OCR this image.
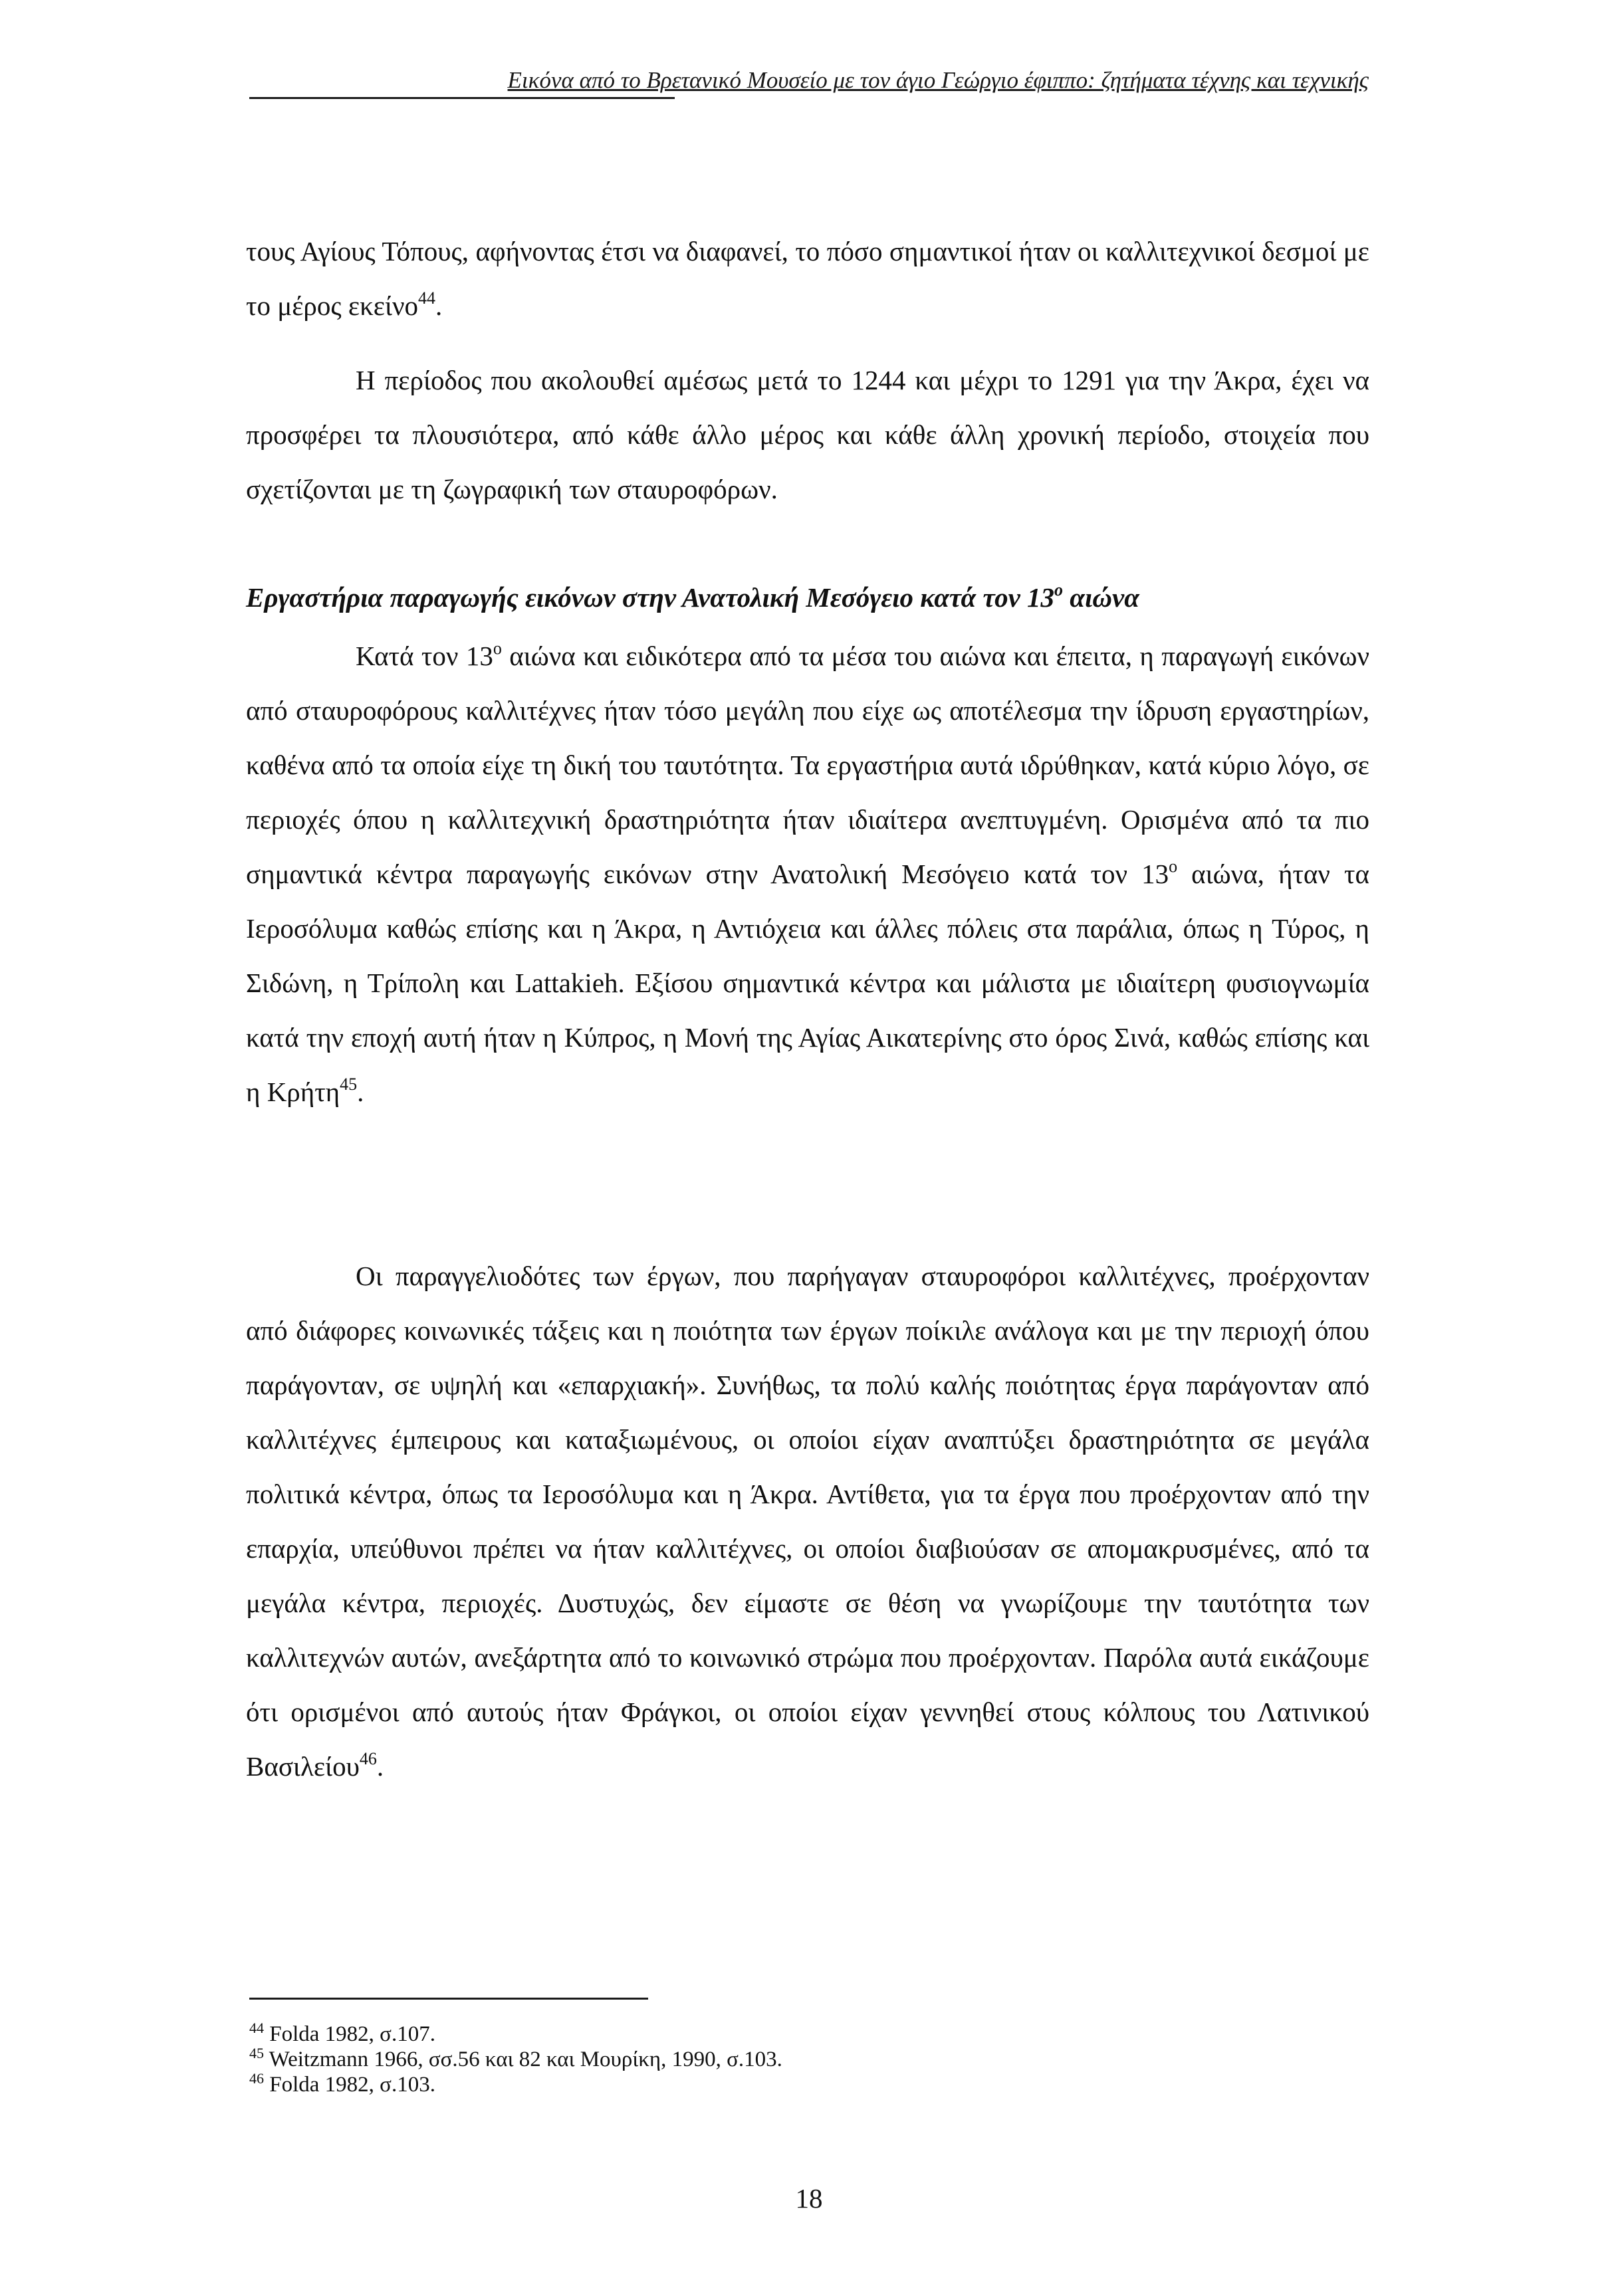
Εικόνα από το Βρετανικό Μουσείο με τον άγιο Γεώργιο έφιππο: ζητήματα τέχνης και τεχνικής

τους Αγίους Τόπους, αφήνοντας έτσι να διαφανεί, το πόσο σημαντικοί ήταν οι καλλιτεχνικοί δεσμοί με το μέρος εκείνο$^{44}$.

Η περίοδος που ακολουθεί αμέσως μετά το 1244 και μέχρι το 1291 για την Άκρα, έχει να προσφέρει τα πλουσιότερα, από κάθε άλλο μέρος και κάθε άλλη χρονική περίοδο, στοιχεία που σχετίζονται με τη ζωγραφική των σταυροφόρων.

Εργαστήρια παραγωγής εικόνων στην Ανατολική Μεσόγειο κατά τον $13^o$ αιώνα

Κατά τον $13^o$ αιώνα και ειδικότερα από τα μέσα του αιώνα και έπειτα, η παραγωγή εικόνων από σταυροφόρους καλλιτέχνες ήταν τόσο μεγάλη που είχε ως αποτέλεσμα την ίδρυση εργαστηρίων, καθένα από τα οποία είχε τη δική του ταυτότητα. Τα εργαστήρια αυτά ιδρύθηκαν, κατά κύριο λόγο, σε περιοχές όπου η καλλιτεχνική δραστηριότητα ήταν ιδιαίτερα ανεπτυγμένη. Ορισμένα από τα πιο σημαντικά κέντρα παραγωγής εικόνων στην Ανατολική Μεσόγειο κατά τον $13^o$ αιώνα, ήταν τα Ιεροσόλυμα καθώς επίσης και η Άκρα, η Αντιόχεια και άλλες πόλεις στα παράλια, όπως η Τύρος, η Σιδώνη, η Τρίπολη και Lattakieh. Εξίσου σημαντικά κέντρα και μάλιστα με ιδιαίτερη φυσιογνωμία κατά την εποχή αυτή ήταν η Κύπρος, η Μονή της Αγίας Αικατερίνης στο όρος Σινά, καθώς επίσης και η Κρήτη$^{45}$.

Οι παραγγελιοδότες των έργων, που παρήγαγαν σταυροφόροι καλλιτέχνες, προέρχονταν από διάφορες κοινωνικές τάξεις και η ποιότητα των έργων ποίκιλε ανάλογα και με την περιοχή όπου παράγονταν, σε υψηλή και «επαρχιακή». Συνήθως, τα πολύ καλής ποιότητας έργα παράγονταν από καλλιτέχνες έμπειρους και καταξιωμένους, οι οποίοι είχαν αναπτύξει δραστηριότητα σε μεγάλα πολιτικά κέντρα, όπως τα Ιεροσόλυμα και η Άκρα. Αντίθετα, για τα έργα που προέρχονταν από την επαρχία, υπεύθυνοι πρέπει να ήταν καλλιτέχνες, οι οποίοι διαβιούσαν σε απομακρυσμένες, από τα μεγάλα κέντρα, περιοχές. Δυστυχώς, δεν είμαστε σε θέση να γνωρίζουμε την ταυτότητα των καλλιτεχνών αυτών, ανεξάρτητα από το κοινωνικό στρώμα που προέρχονταν. Παρόλα αυτά εικάζουμε ότι ορισμένοι από αυτούς ήταν Φράγκοι, οι οποίοι είχαν γεννηθεί στους κόλπους του Λατινικού Βασιλείου$^{46}$.

$^{44}$ Folda 1982, σ.107.

$^{45}$ Weitzmann 1966, σσ.56 και 82 και Μουρίκη, 1990, σ.103.

$^{46}$ Folda 1982, σ.103.

18
